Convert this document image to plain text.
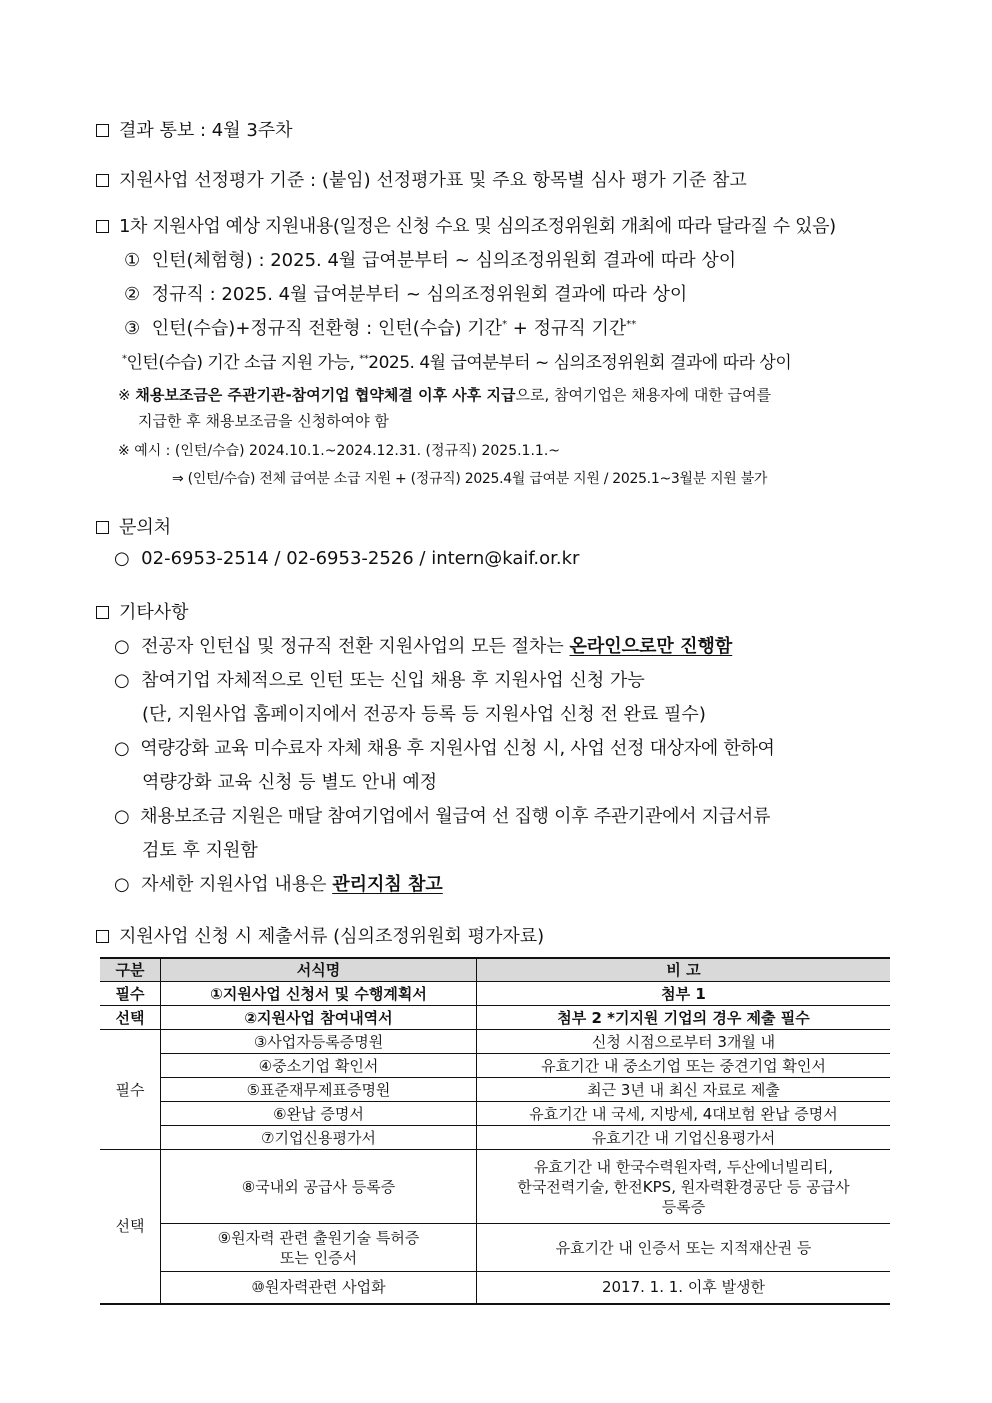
결과 통보 : 4월 3주차
지원사업 선정평가 기준 : (붙임) 선정평가표 및 주요 항목별 심사 평가 기준 참고
1차 지원사업 예상 지원내용(일정은 신청 수요 및 심의조정위원회 개최에 따라 달라질 수 있음)
① 인턴(체험형) : 2025. 4월 급여분부터 ~ 심의조정위원회 결과에 따라 상이
② 정규직 : 2025. 4월 급여분부터 ~ 심의조정위원회 결과에 따라 상이
③ 인턴(수습)+정규직 전환형 : 인턴(수습) 기간* + 정규직 기간**
*인턴(수습) 기간 소급 지원 가능, **2025. 4월 급여분부터 ~ 심의조정위원회 결과에 따라 상이
※ 채용보조금은 주관기관-참여기업 협약체결 이후 사후 지급으로, 참여기업은 채용자에 대한 급여를
지급한 후 채용보조금을 신청하여야 함
※ 예시 : (인턴/수습) 2024.10.1.~2024.12.31. (정규직) 2025.1.1.~
⇒ (인턴/수습) 전체 급여분 소급 지원 + (정규직) 2025.4월 급여분 지원 / 2025.1~3월분 지원 불가
문의처
○ 02-6953-2514 / 02-6953-2526 / intern@kaif.or.kr
기타사항
○ 전공자 인턴십 및 정규직 전환 지원사업의 모든 절차는 온라인으로만 진행함
○ 참여기업 자체적으로 인턴 또는 신입 채용 후 지원사업 신청 가능
(단, 지원사업 홈페이지에서 전공자 등록 등 지원사업 신청 전 완료 필수)
○ 역량강화 교육 미수료자 자체 채용 후 지원사업 신청 시, 사업 선정 대상자에 한하여
역량강화 교육 신청 등 별도 안내 예정
○ 채용보조금 지원은 매달 참여기업에서 월급여 선 집행 이후 주관기관에서 지급서류
검토 후 지원함
○ 자세한 지원사업 내용은 관리지침 참고
지원사업 신청 시 제출서류 (심의조정위원회 평가자료)
구분	서식명	비 고
필수	①지원사업 신청서 및 수행계획서	첨부 1
선택	②지원사업 참여내역서	첨부 2 *기지원 기업의 경우 제출 필수
필수	③사업자등록증명원	신청 시점으로부터 3개월 내
	④중소기업 확인서	유효기간 내 중소기업 또는 중견기업 확인서
	⑤표준재무제표증명원	최근 3년 내 최신 자료로 제출
	⑥완납 증명서	유효기간 내 국세, 지방세, 4대보험 완납 증명서
	⑦기업신용평가서	유효기간 내 기업신용평가서
선택	⑧국내외 공급사 등록증	유효기간 내 한국수력원자력, 두산에너빌리티,
한국전력기술, 한전KPS, 원자력환경공단 등 공급사
등록증

	⑨원자력 관련 출원기술 특허증
또는 인증서	유효기간 내 인증서 또는 지적재산권 등
	⑩원자력관련 사업화	2017. 1. 1. 이후 발생한
